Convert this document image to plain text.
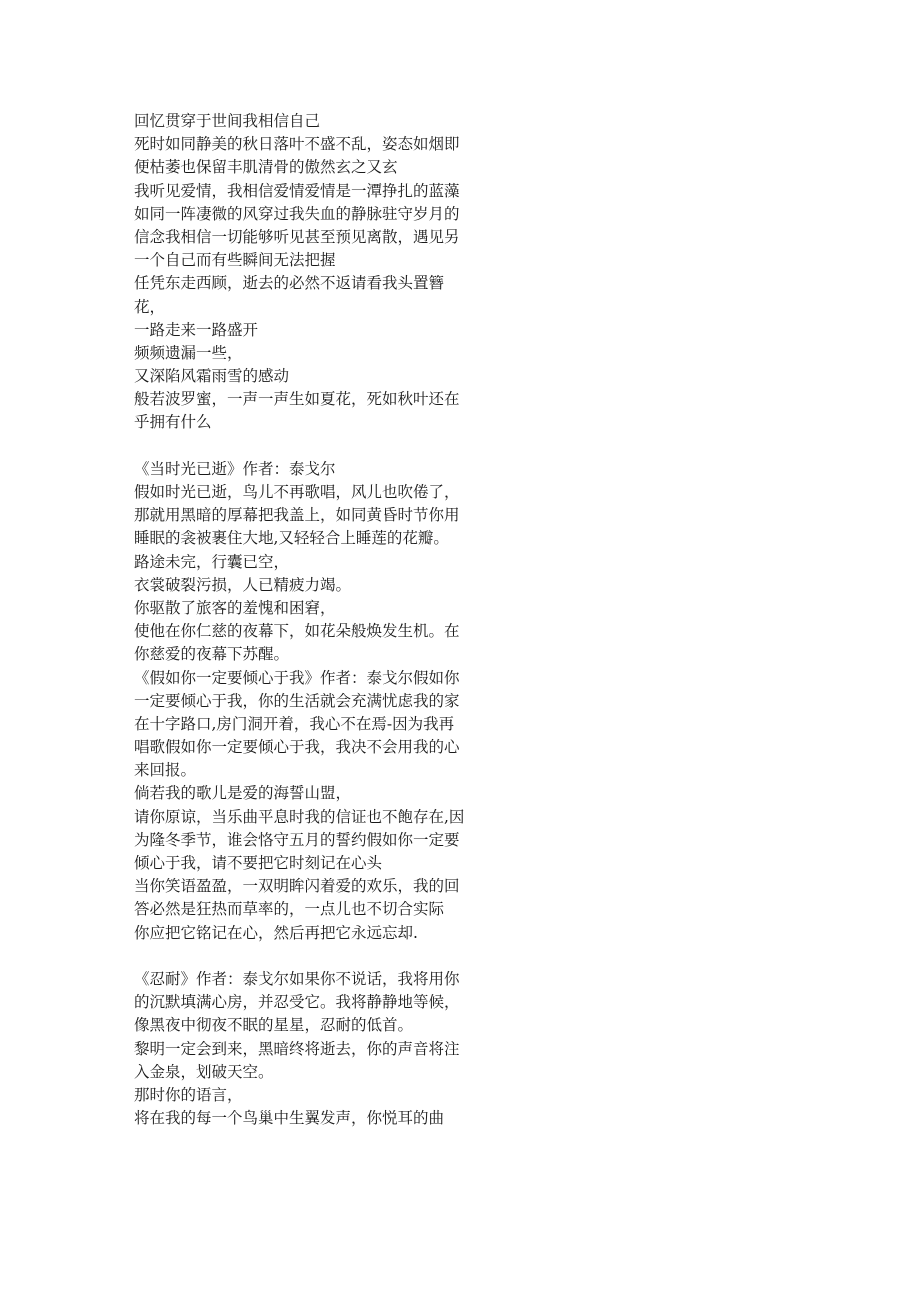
回忆贯穿于世间我相信自己
死时如同静美的秋日落叶不盛不乱，姿态如烟即
便枯萎也保留丰肌清骨的傲然玄之又玄
我听见爱情，我相信爱情爱情是一潭挣扎的蓝藻
如同一阵凄微的风穿过我失血的静脉驻守岁月的
信念我相信一切能够听见甚至预见离散，遇见另
一个自己而有些瞬间无法把握
任凭东走西顾，逝去的必然不返请看我头置簪
花，
一路走来一路盛开
频频遗漏一些，
又深陷风霜雨雪的感动
般若波罗蜜，一声一声生如夏花，死如秋叶还在
乎拥有什么
《当时光已逝》作者：泰戈尔
假如时光已逝，鸟儿不再歌唱，风儿也吹倦了，
那就用黑暗的厚幕把我盖上，如同黄昏时节你用
睡眠的衾被裹住大地,又轻轻合上睡莲的花瓣。
路途未完，行囊已空，
衣裳破裂污损，人已精疲力竭。
你驱散了旅客的羞愧和困窘，
使他在你仁慈的夜幕下，如花朵般焕发生机。在
你慈爱的夜幕下苏醒。
《假如你一定要倾心于我》作者：泰戈尔假如你
一定要倾心于我，你的生活就会充满忧虑我的家
在十字路口,房门洞开着，我心不在焉-因为我再
唱歌假如你一定要倾心于我，我决不会用我的心
来回报。
倘若我的歌儿是爱的海誓山盟，
请你原谅，当乐曲平息时我的信证也不飽存在,因
为隆冬季节，谁会恪守五月的誓约假如你一定要
倾心于我，请不要把它时刻记在心头
当你笑语盈盈，一双明眸闪着爱的欢乐，我的回
答必然是狂热而草率的，一点儿也不切合实际
你应把它铭记在心，然后再把它永远忘却.
《忍耐》作者：泰戈尔如果你不说话，我将用你
的沉默填满心房，并忍受它。我将静静地等候，
像黑夜中彻夜不眠的星星，忍耐的低首。
黎明一定会到来，黑暗终将逝去，你的声音将注
入金泉，划破天空。
那时你的语言，
将在我的每一个鸟巢中生翼发声，你悦耳的曲
